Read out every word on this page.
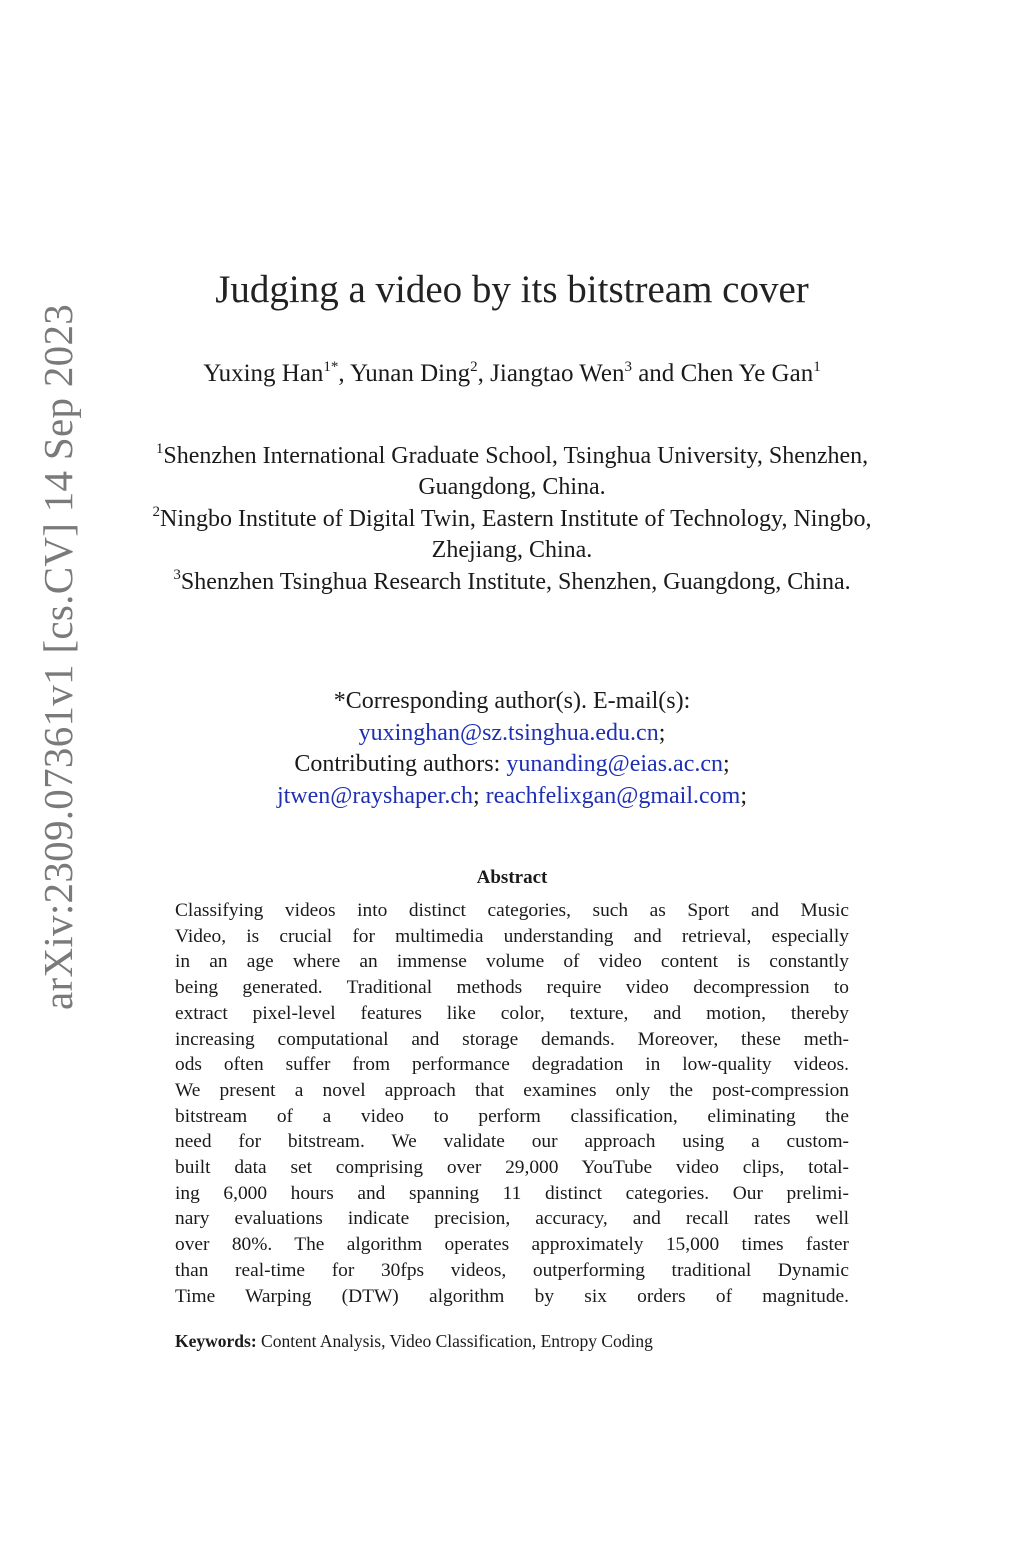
arXiv:2309.07361v1 [cs.CV] 14 Sep 2023
Judging a video by its bitstream cover
Yuxing Han$^{1*}$, Yunan Ding$^2$, Jiangtao Wen$^3$ and Chen Ye Gan$^1$
$^1$Shenzhen International Graduate School, Tsinghua University, Shenzhen, Guangdong, China.
$^2$Ningbo Institute of Digital Twin, Eastern Institute of Technology, Ningbo, Zhejiang, China.
$^3$Shenzhen Tsinghua Research Institute, Shenzhen, Guangdong, China.
*Corresponding author(s). E-mail(s):
yuxinghan@sz.tsinghua.edu.cn;
Contributing authors: yunanding@eias.ac.cn;
jtwen@rayshaper.ch; reachfelixgan@gmail.com;
Abstract
Classifying videos into distinct categories, such as Sport and Music
Video, is crucial for multimedia understanding and retrieval, especially
in an age where an immense volume of video content is constantly
being generated. Traditional methods require video decompression to
extract pixel-level features like color, texture, and motion, thereby
increasing computational and storage demands. Moreover, these meth-
ods often suffer from performance degradation in low-quality videos.
We present a novel approach that examines only the post-compression
bitstream of a video to perform classification, eliminating the
need for bitstream. We validate our approach using a custom-
built data set comprising over 29,000 YouTube video clips, total-
ing 6,000 hours and spanning 11 distinct categories. Our prelimi-
nary evaluations indicate precision, accuracy, and recall rates well
over 80%. The algorithm operates approximately 15,000 times faster
than real-time for 30fps videos, outperforming traditional Dynamic
Time Warping (DTW) algorithm by six orders of magnitude.
Keywords: Content Analysis, Video Classification, Entropy Coding
